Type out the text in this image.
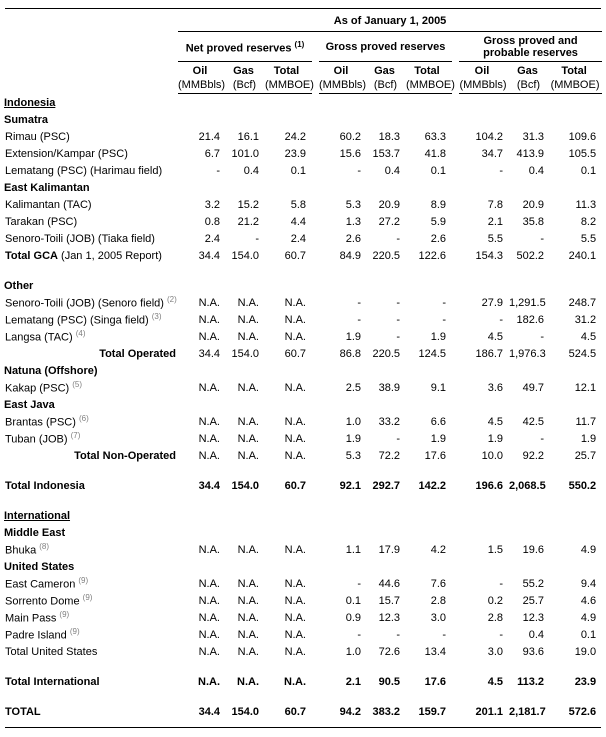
	As of January 1, 2005										
	Net proved reserves $^{(1)}$				Gross proved reserves				Gross proved and probable reserves		
	Oil	Gas	Total		Oil	Gas	Total		Oil	Gas	Total
	(MMBbls)	(Bcf)	(MMBOE)		(MMBbls)	(Bcf)	(MMBOE)		(MMBbls)	(Bcf)	(MMBOE)
Indonesia											
Sumatra											
Rimau (PSC)	21.4	16.1	24.2		60.2	18.3	63.3		104.2	31.3	109.6
Extension/Kampar (PSC)	6.7	101.0	23.9		15.6	153.7	41.8		34.7	413.9	105.5
Lematang (PSC) (Harimau field)	-	0.4	0.1		-	0.4	0.1		-	0.4	0.1
East Kalimantan											
Kalimantan (TAC)	3.2	15.2	5.8		5.3	20.9	8.9		7.8	20.9	11.3
Tarakan (PSC)	0.8	21.2	4.4		1.3	27.2	5.9		2.1	35.8	8.2
Senoro-Toili (JOB) (Tiaka field)	2.4	-	2.4		2.6	-	2.6		5.5	-	5.5
Total GCA (Jan 1, 2005 Report)	34.4	154.0	60.7		84.9	220.5	122.6		154.3	502.2	240.1

Other											
Senoro-Toili (JOB) (Senoro field) $^{(2)}$	N.A.	N.A.	N.A.		-	-	-		27.9	1,291.5	248.7
Lematang (PSC) (Singa field) $^{(3)}$	N.A.	N.A.	N.A.		-	-	-		-	182.6	31.2
Langsa (TAC) $^{(4)}$	N.A.	N.A.	N.A.		1.9	-	1.9		4.5	-	4.5
Total Operated	34.4	154.0	60.7		86.8	220.5	124.5		186.7	1,976.3	524.5
Natuna (Offshore)											
Kakap (PSC) $^{(5)}$	N.A.	N.A.	N.A.		2.5	38.9	9.1		3.6	49.7	12.1
East Java											
Brantas (PSC) $^{(6)}$	N.A.	N.A.	N.A.		1.0	33.2	6.6		4.5	42.5	11.7
Tuban (JOB) $^{(7)}$	N.A.	N.A.	N.A.		1.9	-	1.9		1.9	-	1.9
Total Non-Operated	N.A.	N.A.	N.A.		5.3	72.2	17.6		10.0	92.2	25.7

Total Indonesia	34.4	154.0	60.7		92.1	292.7	142.2		196.6	2,068.5	550.2

International											
Middle East											
Bhuka $^{(8)}$	N.A.	N.A.	N.A.		1.1	17.9	4.2		1.5	19.6	4.9
United States											
East Cameron $^{(9)}$	N.A.	N.A.	N.A.		-	44.6	7.6		-	55.2	9.4
Sorrento Dome $^{(9)}$	N.A.	N.A.	N.A.		0.1	15.7	2.8		0.2	25.7	4.6
Main Pass $^{(9)}$	N.A.	N.A.	N.A.		0.9	12.3	3.0		2.8	12.3	4.9
Padre Island $^{(9)}$	N.A.	N.A.	N.A.		-	-	-		-	0.4	0.1
Total United States	N.A.	N.A.	N.A.		1.0	72.6	13.4		3.0	93.6	19.0

Total International	N.A.	N.A.	N.A.		2.1	90.5	17.6		4.5	113.2	23.9

TOTAL	34.4	154.0	60.7		94.2	383.2	159.7		201.1	2,181.7	572.6
